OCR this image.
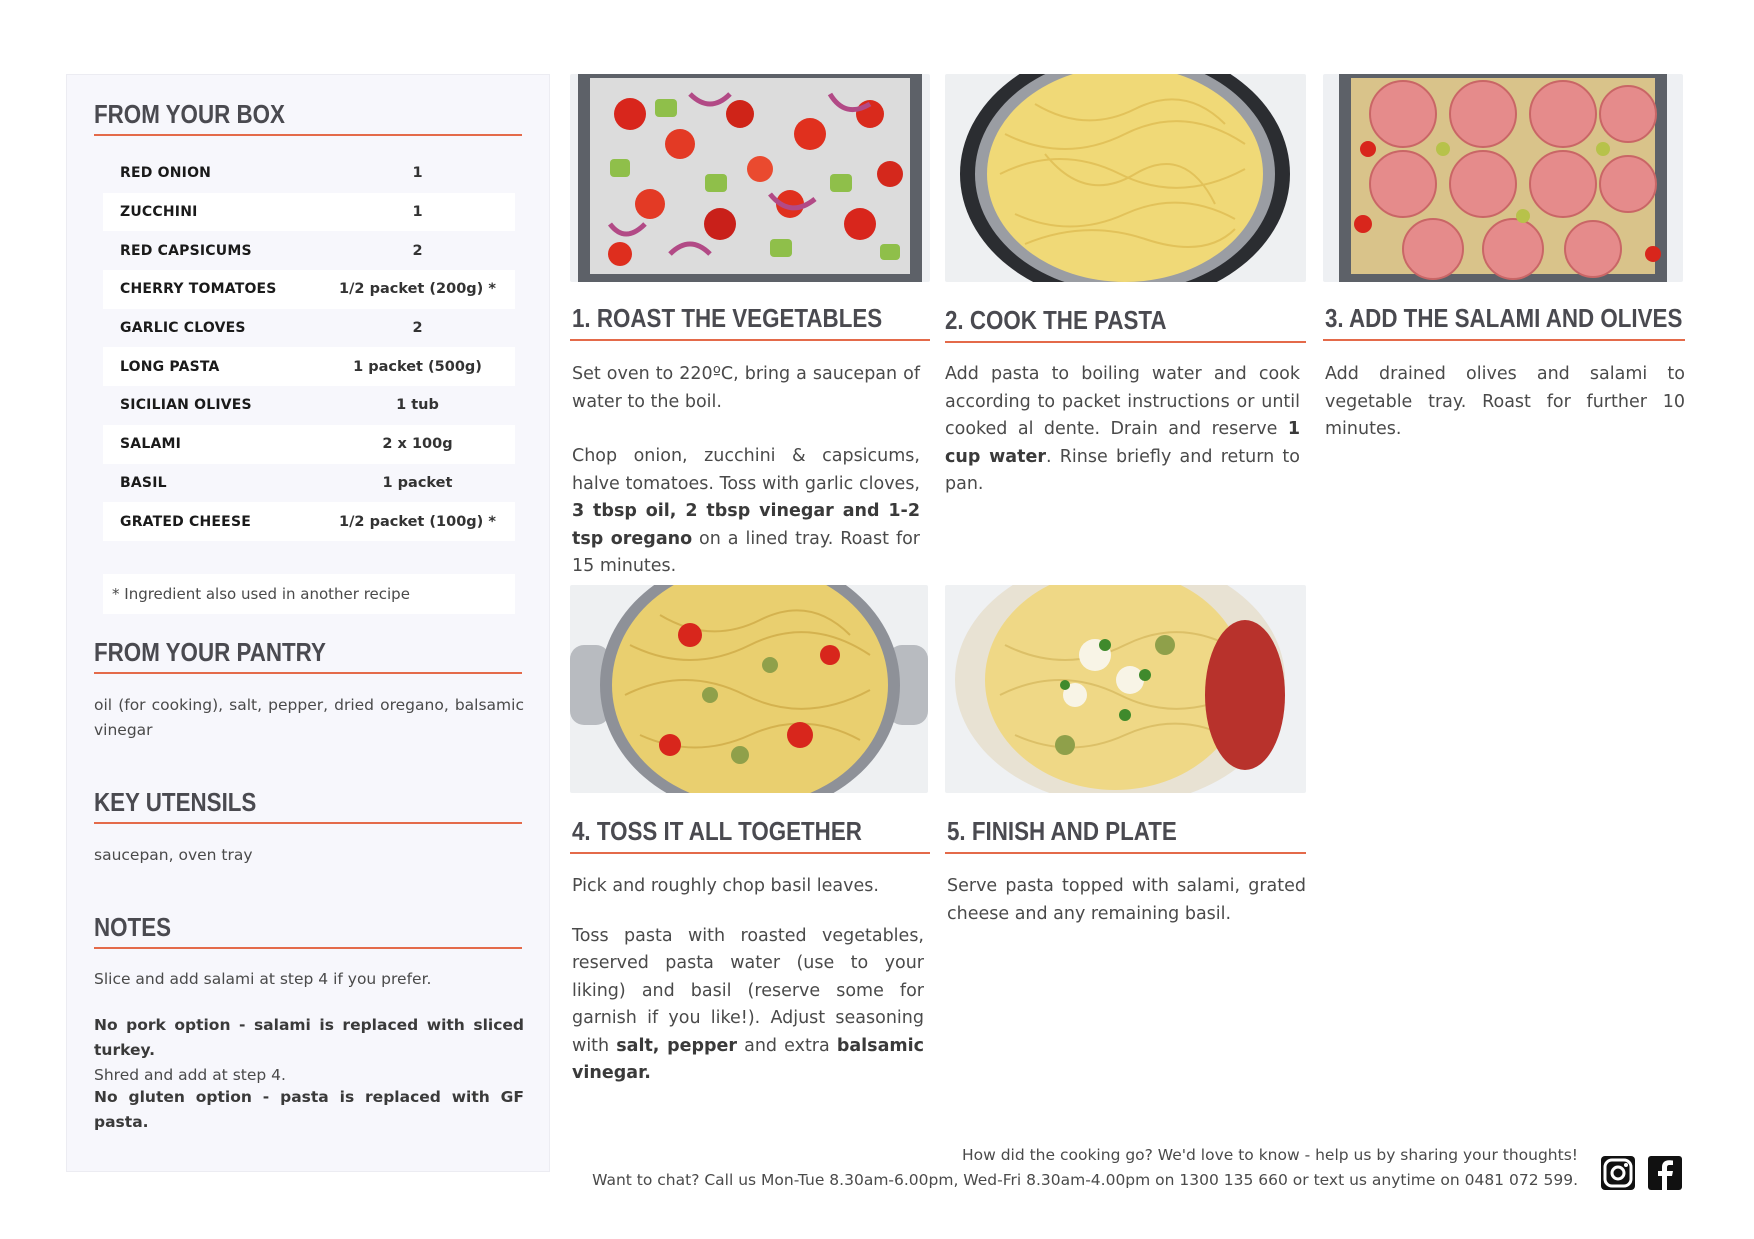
FROM YOUR BOX
RED ONION	1
ZUCCHINI	1
RED CAPSICUMS	2
CHERRY TOMATOES	1/2 packet (200g) *
GARLIC CLOVES	2
LONG PASTA	1 packet (500g)
SICILIAN OLIVES	1 tub
SALAMI	2 x 100g
BASIL	1 packet
GRATED CHEESE	1/2 packet (100g) *
* Ingredient also used in another recipe
FROM YOUR PANTRY
oil (for cooking), salt, pepper, dried oregano, balsamic vinegar
KEY UTENSILS
saucepan, oven tray
NOTES
Slice and add salami at step 4 if you prefer.
No pork option - salami is replaced with sliced turkey.
Shred and add at step 4.
No gluten option - pasta is replaced with GF pasta.
1. ROAST THE VEGETABLES

Set oven to 220ºC, bring a saucepan of water to the boil.

Chop onion, zucchini & capsicums, halve tomatoes. Toss with garlic cloves, 3 tbsp oil, 2 tbsp vinegar and 1-2 tsp oregano on a lined tray. Roast for 15 minutes.

2. COOK THE PASTA

Add pasta to boiling water and cook according to packet instructions or until cooked al dente. Drain and reserve 1 cup water. Rinse briefly and return to pan.

3. ADD THE SALAMI AND OLIVES

Add drained olives and salami to vegetable tray. Roast for further 10 minutes.

4. TOSS IT ALL TOGETHER

Pick and roughly chop basil leaves.

Toss pasta with roasted vegetables, reserved pasta water (use to your liking) and basil (reserve some for garnish if you like!). Adjust seasoning with salt, pepper and extra balsamic vinegar.

5. FINISH AND PLATE

Serve pasta topped with salami, grated cheese and any remaining basil.

How did the cooking go? We'd love to know - help us by sharing your thoughts!
Want to chat? Call us Mon-Tue 8.30am-6.00pm, Wed-Fri 8.30am-4.00pm on 1300 135 660 or text us anytime on 0481 072 599.
